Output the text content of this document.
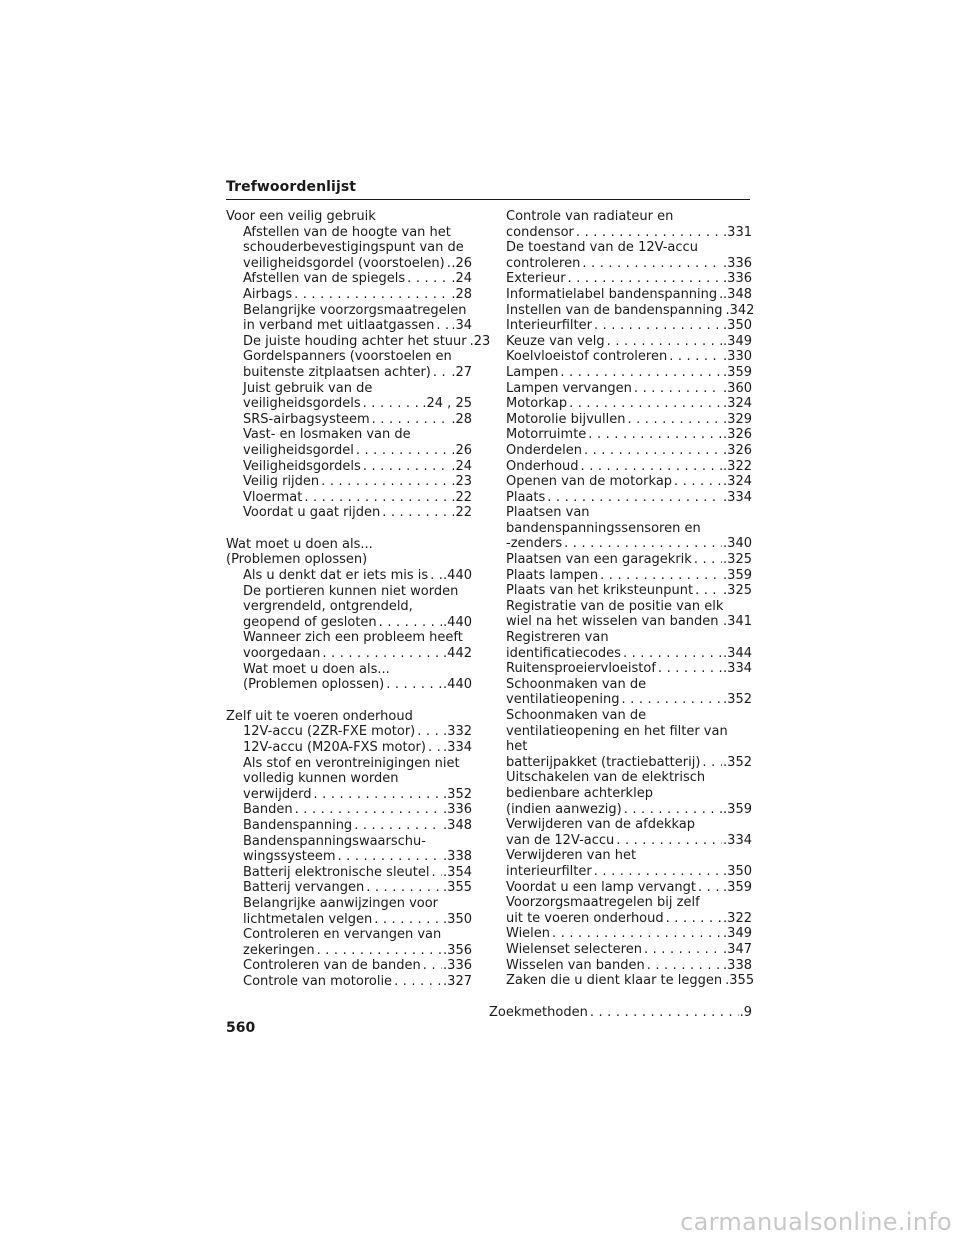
Trefwoordenlijst
Voor een veilig gebruik
Afstellen van de hoogte van het
schouderbevestigingspunt van de
veiligheidsgordel (voorstoelen) . . . .26
Afstellen van de spiegels . . .	.24
Airbags . . .	.28
Belangrijke voorzorgsmaatregelen
in verband met uitlaatgassen . . . .34
De juiste houding achter het stuur .23
Gordelspanners (voorstoelen en
buitenste zitplaatsen achter) . . . .27
Juist gebruik van de
veiligheidsgordels . . .	.24 , 25
SRS-airbagsysteem . . .	.28
Vast- en losmaken van de
veiligheidsgordel . . .	.26
Veiligheidsgordels . . .	.24
Veilig rijden . . .	.23
Vloermat . . .	.22
Voordat u gaat rijden . . .	.22
Wat moet u doen als...
(Problemen oplossen)
Als u denkt dat er iets mis is . . . .440
De portieren kunnen niet worden
vergrendeld, ontgrendeld,
geopend of gesloten . . .	.440
Wanneer zich een probleem heeft
voorgedaan . . .	.442
Wat moet u doen als...
(Problemen oplossen) . . .	.440
Zelf uit te voeren onderhoud
12V-accu (2ZR-FXE motor) . . . .332
12V-accu (M20A-FXS motor) . . . .334
Als stof en verontreinigingen niet
volledig kunnen worden
verwijderd . . .	.352
Banden . . .	.336
Bandenspanning . . .	.348
Bandenspanningswaarschu-
wingssysteem . . .	.338
Batterij elektronische sleutel . . . .354
Batterij vervangen . . .	.355
Belangrijke aanwijzingen voor
lichtmetalen velgen . . .	.350
Controleren en vervangen van
zekeringen . . .	.356
Controleren van de banden . . . .336
Controle van motorolie . . .	.327
Controle van radiateur en
condensor . . .	.331
De toestand van de 12V-accu
controleren . . .	.336
Exterieur . . .	.336
Informatielabel bandenspanning . . . .348
Instellen van de bandenspanning .342
Interieurfilter . . .	.350
Keuze van velg . . .	.349
Koelvloeistof controleren . . .	.330
Lampen . . .	.359
Lampen vervangen . . .	.360
Motorkap . . .	.324
Motorolie bijvullen . . .	.329
Motorruimte . . .	.326
Onderdelen . . .	.326
Onderhoud . . .	.322
Openen van de motorkap . . .	.324
Plaats . . .	.334
Plaatsen van
bandenspanningssensoren en
-zenders . . .	.340
Plaatsen van een garagekrik . . . .325
Plaats lampen . . .	.359
Plaats van het kriksteunpunt . . . .325
Registratie van de positie van elk
wiel na het wisselen van banden . . . .341
Registreren van
identificatiecodes . . .	.344
Ruitensproeiervloeistof . . .	.334
Schoonmaken van de
ventilatieopening . . .	.352
Schoonmaken van de
ventilatieopening en het filter van het
batterijpakket (tractiebatterij) . . . .352
Uitschakelen van de elektrisch
bedienbare achterklep
(indien aanwezig) . . .	.359
Verwijderen van de afdekkap
van de 12V-accu . . .	.334
Verwijderen van het
interieurfilter . . .	.350
Voordat u een lamp vervangt . . . .359
Voorzorgsmaatregelen bij zelf
uit te voeren onderhoud . . .	.322
Wielen . . .	.349
Wielenset selecteren . . .	.347
Wisselen van banden . . .	.338
Zaken die u dient klaar te leggen .355
Zoekmethoden . . .	.9
560
carmanualsonline.info
